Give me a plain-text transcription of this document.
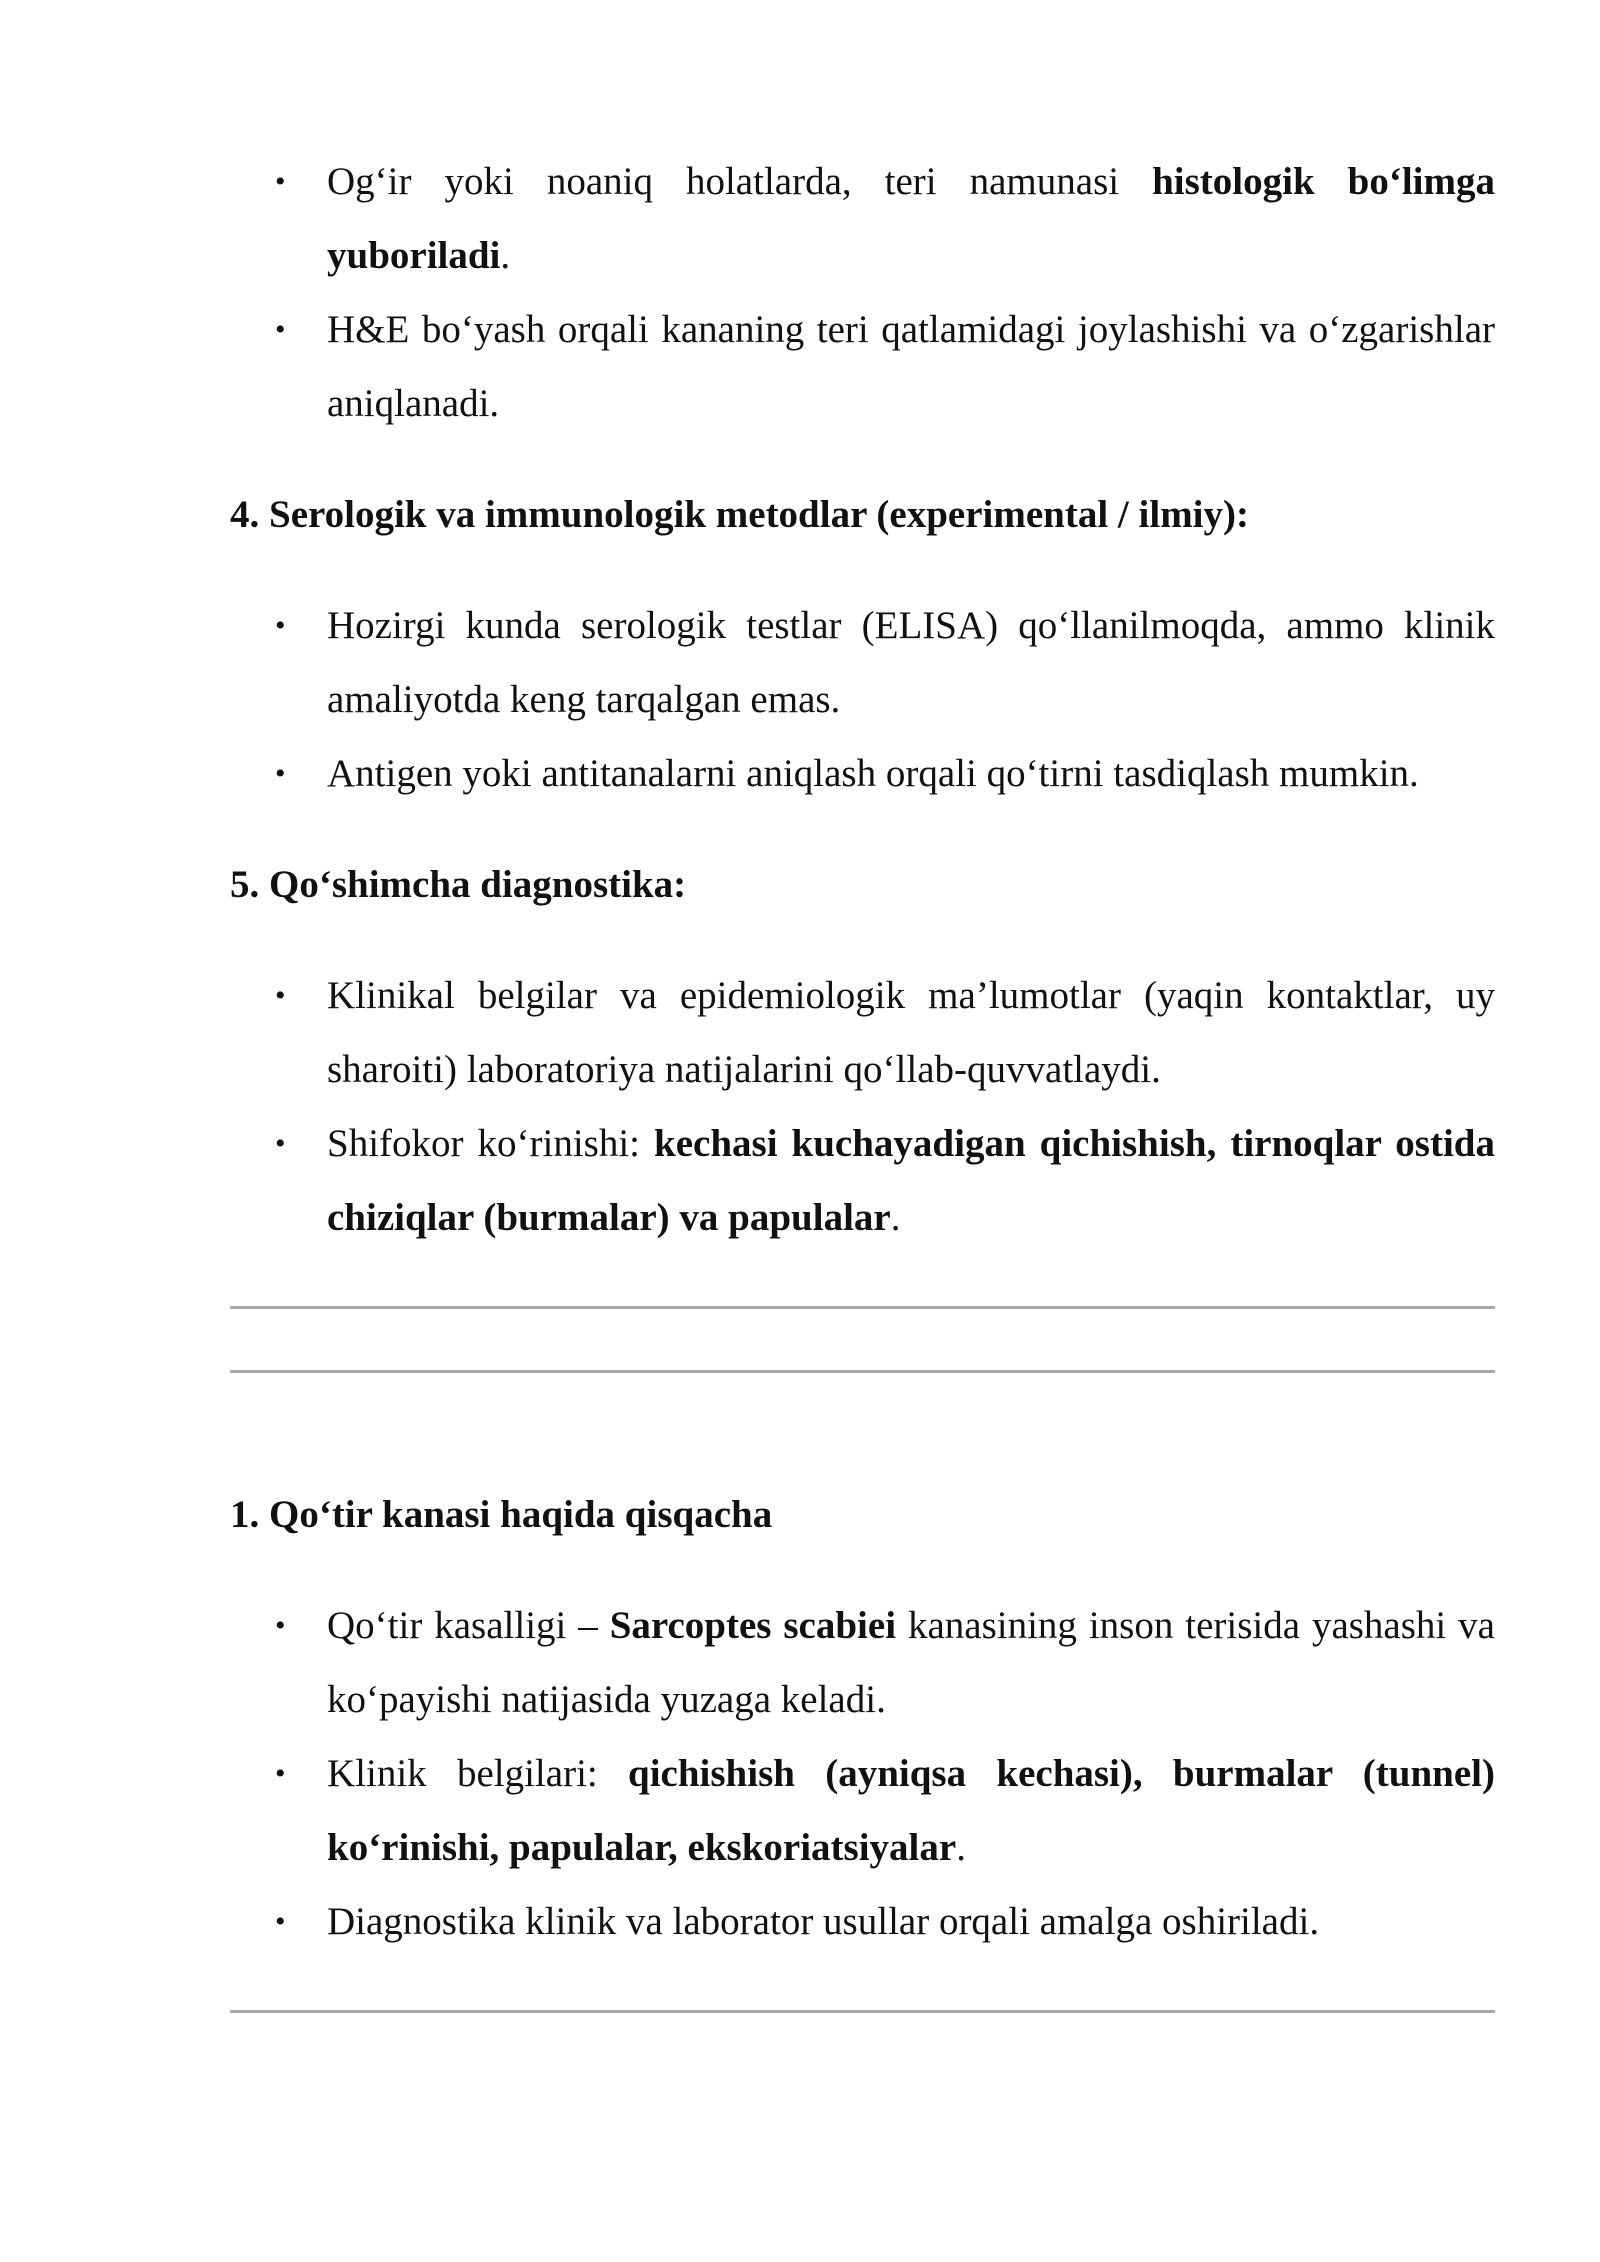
• Og‘ir yoki noaniq holatlarda, teri namunasi histologik bo‘limga yuboriladi.
• H&E bo‘yash orqali kananing teri qatlamidagi joylashishi va o‘zgarishlar aniqlanadi.
4. Serologik va immunologik metodlar (experimental / ilmiy):
• Hozirgi kunda serologik testlar (ELISA) qo‘llanilmoqda, ammo klinik amaliyotda keng tarqalgan emas.
• Antigen yoki antitanalarni aniqlash orqali qo‘tirni tasdiqlash mumkin.
5. Qo‘shimcha diagnostika:
• Klinikal belgilar va epidemiologik ma’lumotlar (yaqin kontaktlar, uy sharoiti) laboratoriya natijalarini qo‘llab-quvvatlaydi.
• Shifokor ko‘rinishi: kechasi kuchayadigan qichishish, tirnoqlar ostida chiziqlar (burmalar) va papulalar.
1. Qo‘tir kanasi haqida qisqacha
• Qo‘tir kasalligi – Sarcoptes scabiei kanasining inson terisida yashashi va ko‘payishi natijasida yuzaga keladi.
• Klinik belgilari: qichishish (ayniqsa kechasi), burmalar (tunnel) ko‘rinishi, papulalar, ekskoriatsiyalar.
• Diagnostika klinik va laborator usullar orqali amalga oshiriladi.
